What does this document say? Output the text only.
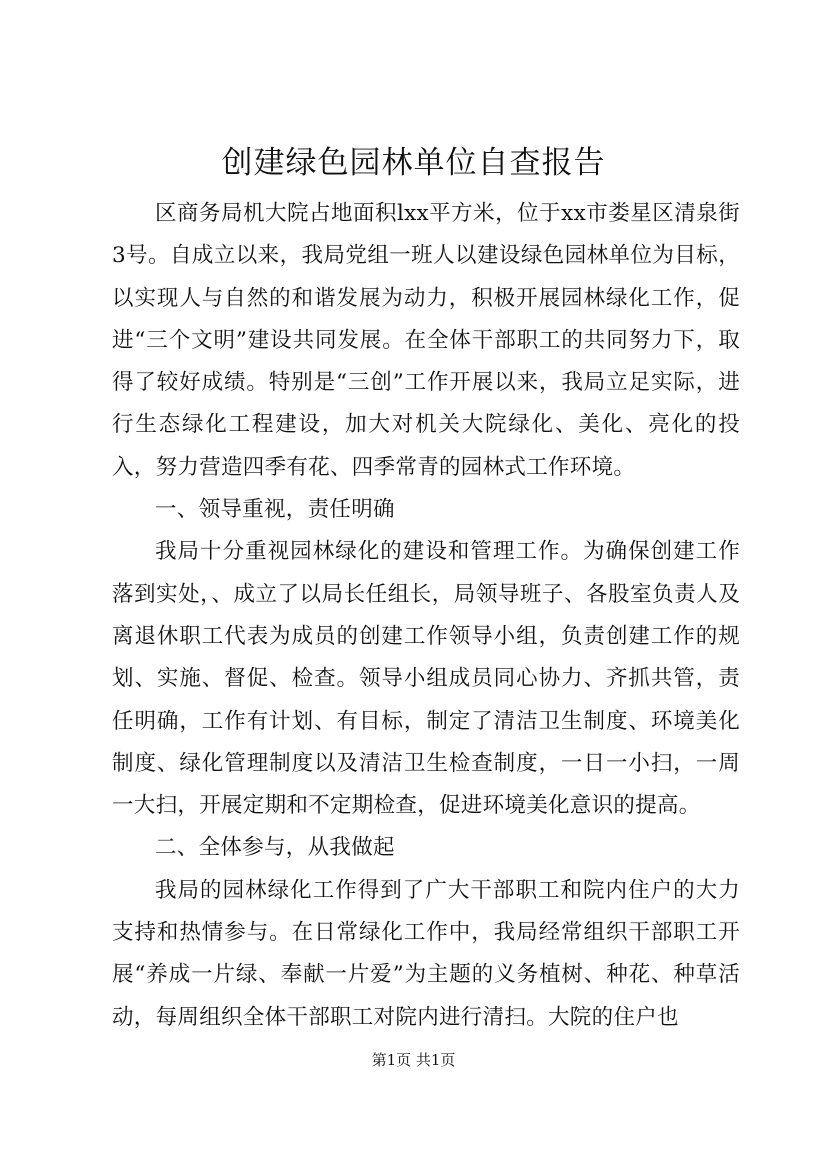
创建绿色园林单位自查报告

区商务局机大院占地面积lxx平方米，位于xx市娄星区清泉街3号。自成立以来，我局党组一班人以建设绿色园林单位为目标，以实现人与自然的和谐发展为动力，积极开展园林绿化工作，促进“三个文明”建设共同发展。在全体干部职工的共同努力下，取得了较好成绩。特别是“三创”工作开展以来，我局立足实际，进行生态绿化工程建设，加大对机关大院绿化、美化、亮化的投入，努力营造四季有花、四季常青的园林式工作环境。

一、领导重视，责任明确

我局十分重视园林绿化的建设和管理工作。为确保创建工作落到实处，、成立了以局长任组长，局领导班子、各股室负责人及离退休职工代表为成员的创建工作领导小组，负责创建工作的规划、实施、督促、检查。领导小组成员同心协力、齐抓共管，责任明确，工作有计划、有目标，制定了清洁卫生制度、环境美化制度、绿化管理制度以及清洁卫生检查制度，一日一小扫，一周一大扫，开展定期和不定期检查，促进环境美化意识的提高。

二、全体参与，从我做起

我局的园林绿化工作得到了广大干部职工和院内住户的大力支持和热情参与。在日常绿化工作中，我局经常组织干部职工开展“养成一片绿、奉献一片爱”为主题的义务植树、种花、种草活动，每周组织全体干部职工对院内进行清扫。大院的住户也

第1页 共1页
